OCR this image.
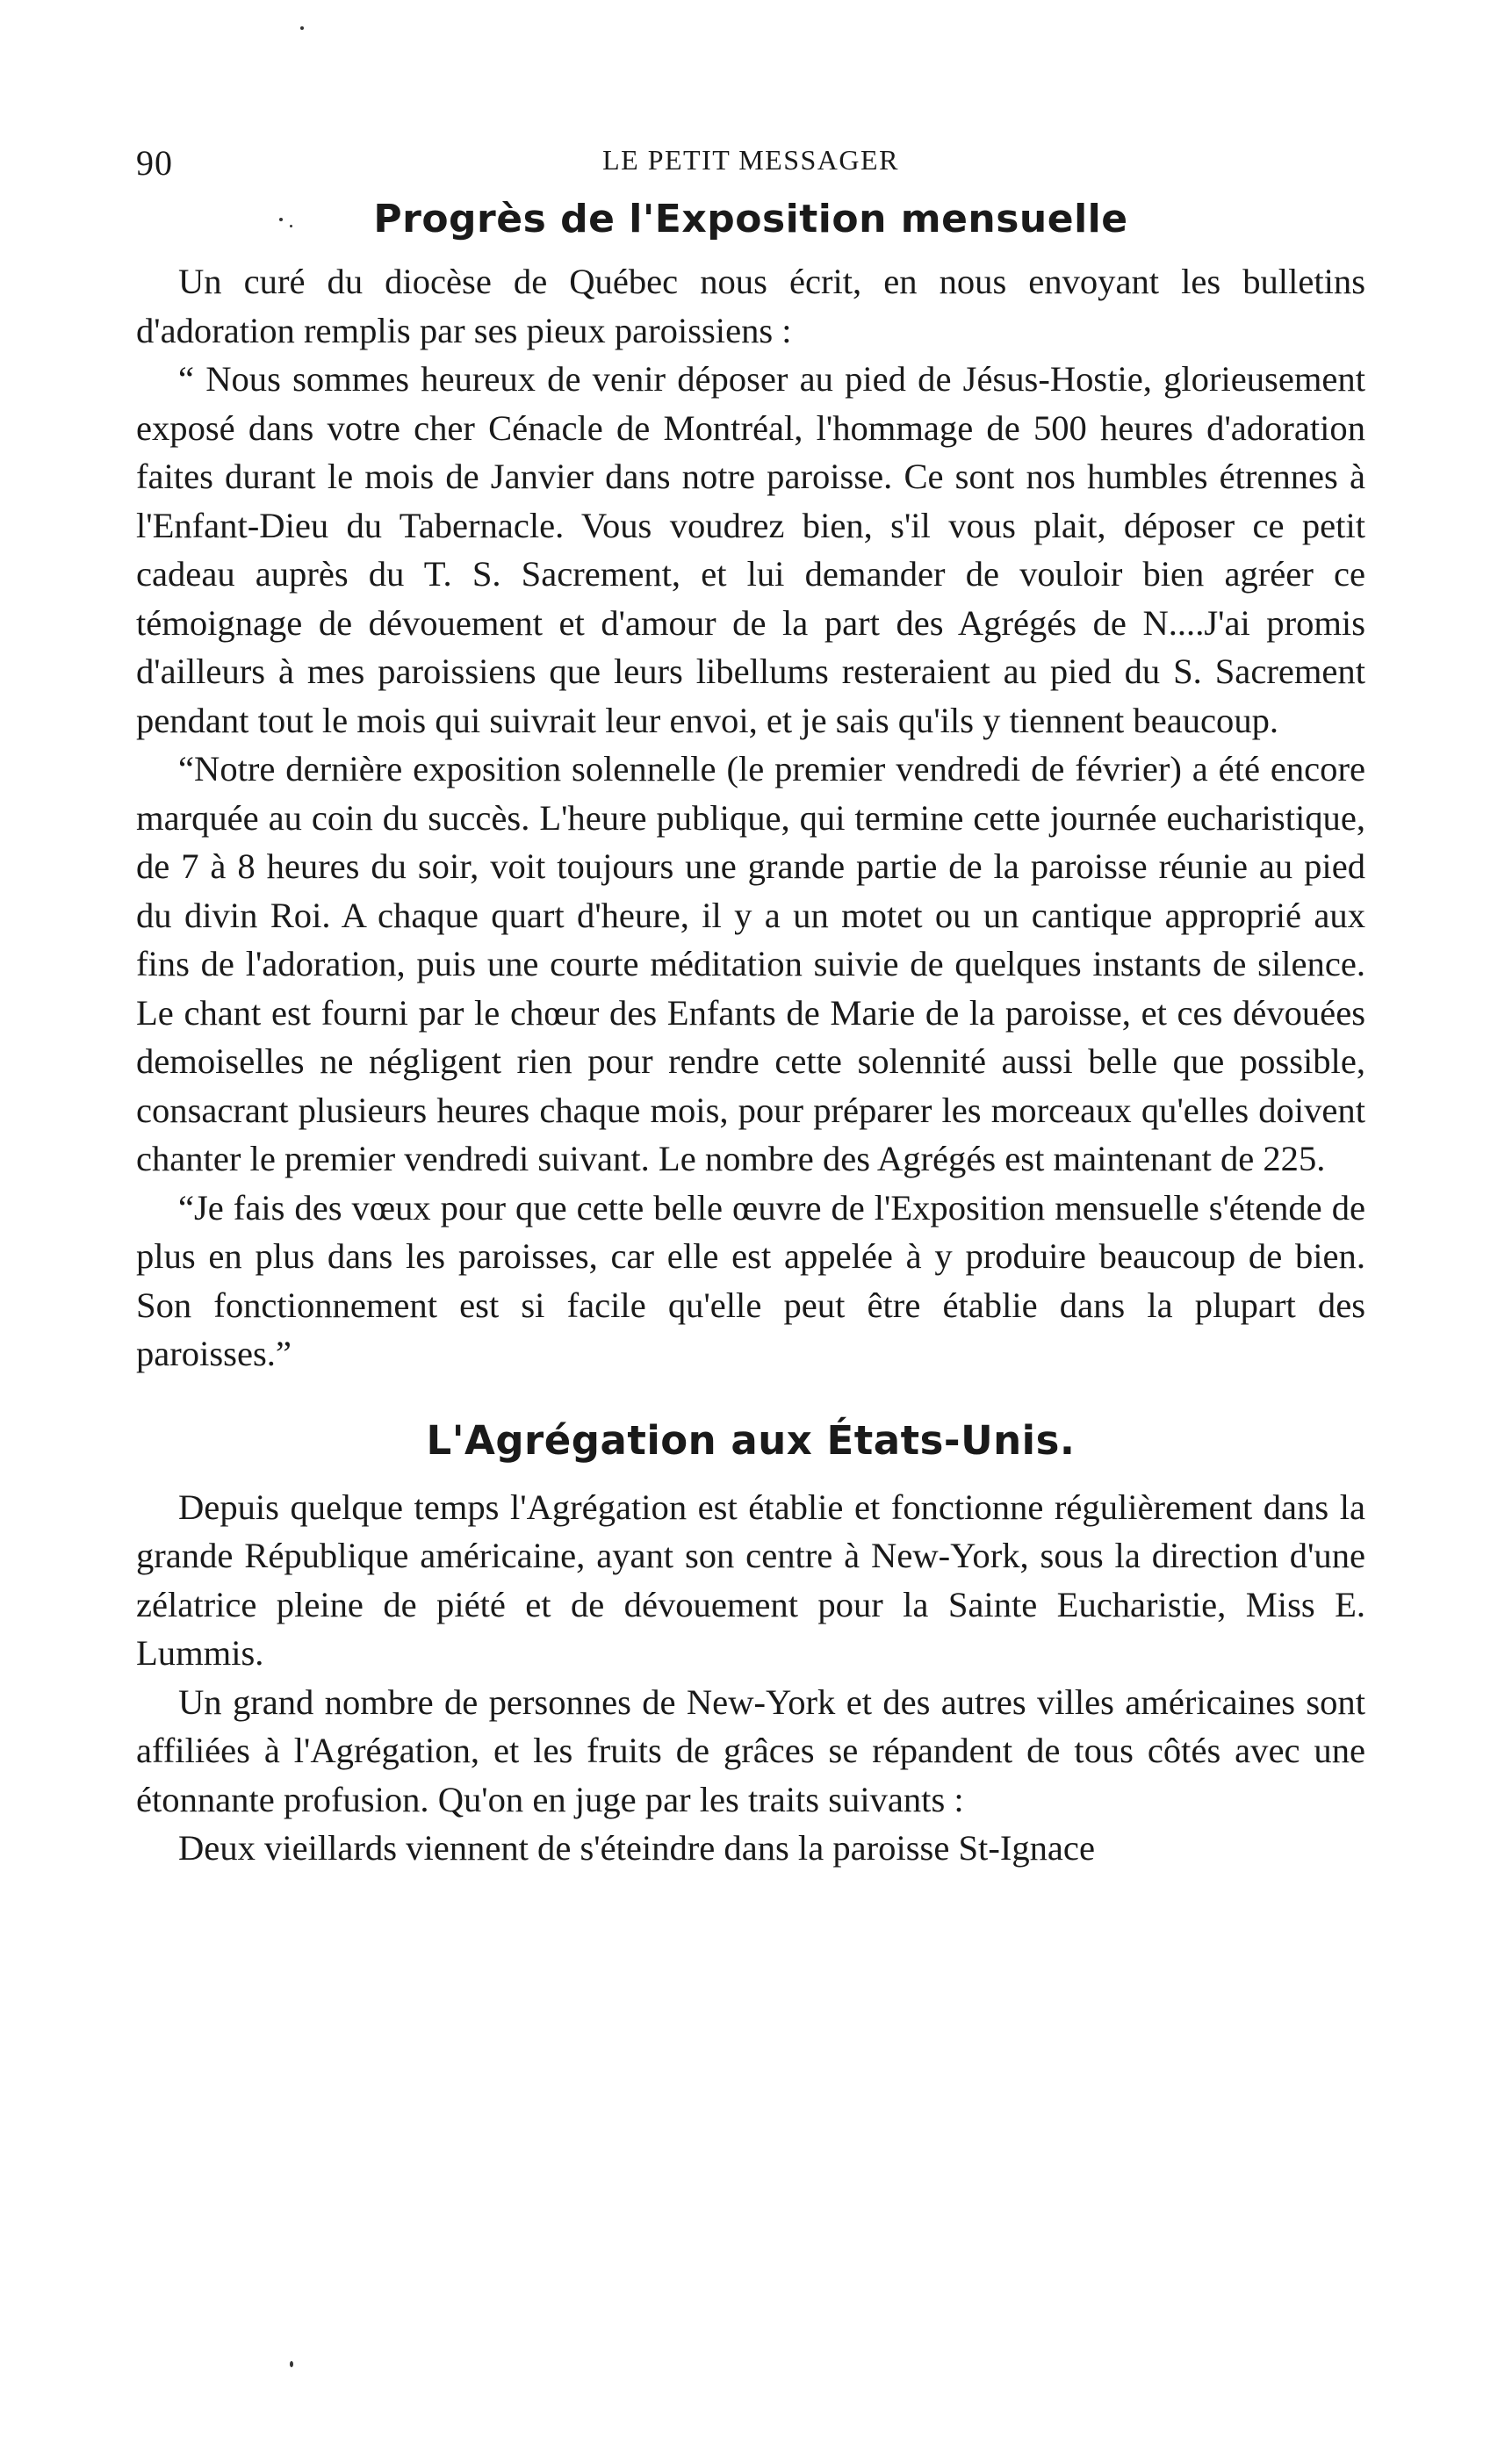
90	LE PETIT MESSAGER
Progrès de l'Exposition mensuelle

Un curé du diocèse de Québec nous écrit, en nous envoyant les bulletins d'adoration remplis par ses pieux paroissiens :

“ Nous sommes heureux de venir déposer au pied de Jésus-Hostie, glorieusement exposé dans votre cher Cénacle de Montréal, l'hommage de 500 heures d'adoration faites durant le mois de Janvier dans notre paroisse. Ce sont nos humbles étrennes à l'Enfant-Dieu du Tabernacle. Vous voudrez bien, s'il vous plait, déposer ce petit cadeau auprès du T. S. Sacrement, et lui demander de vouloir bien agréer ce témoignage de dévouement et d'amour de la part des Agrégés de N....J'ai promis d'ailleurs à mes paroissiens que leurs libellums resteraient au pied du S. Sacrement pendant tout le mois qui suivrait leur envoi, et je sais qu'ils y tiennent beaucoup.

“Notre dernière exposition solennelle (le premier vendredi de février) a été encore marquée au coin du succès. L'heure publique, qui termine cette journée eucharistique, de 7 à 8 heures du soir, voit toujours une grande partie de la paroisse réunie au pied du divin Roi. A chaque quart d'heure, il y a un motet ou un cantique approprié aux fins de l'adoration, puis une courte méditation suivie de quelques instants de silence. Le chant est fourni par le chœur des Enfants de Marie de la paroisse, et ces dévouées demoiselles ne négligent rien pour rendre cette solennité aussi belle que possible, consacrant plusieurs heures chaque mois, pour préparer les morceaux qu'elles doivent chanter le premier vendredi suivant. Le nombre des Agrégés est maintenant de 225.

“Je fais des vœux pour que cette belle œuvre de l'Exposition mensuelle s'étende de plus en plus dans les paroisses, car elle est appelée à y produire beaucoup de bien. Son fonctionnement est si facile qu'elle peut être établie dans la plupart des paroisses.”

L'Agrégation aux États-Unis.

Depuis quelque temps l'Agrégation est établie et fonctionne régulièrement dans la grande République américaine, ayant son centre à New-York, sous la direction d'une zélatrice pleine de piété et de dévouement pour la Sainte Eucharistie, Miss E. Lummis.

Un grand nombre de personnes de New-York et des autres villes américaines sont affiliées à l'Agrégation, et les fruits de grâces se répandent de tous côtés avec une étonnante profusion. Qu'on en juge par les traits suivants :

Deux vieillards viennent de s'éteindre dans la paroisse St-Ignace
